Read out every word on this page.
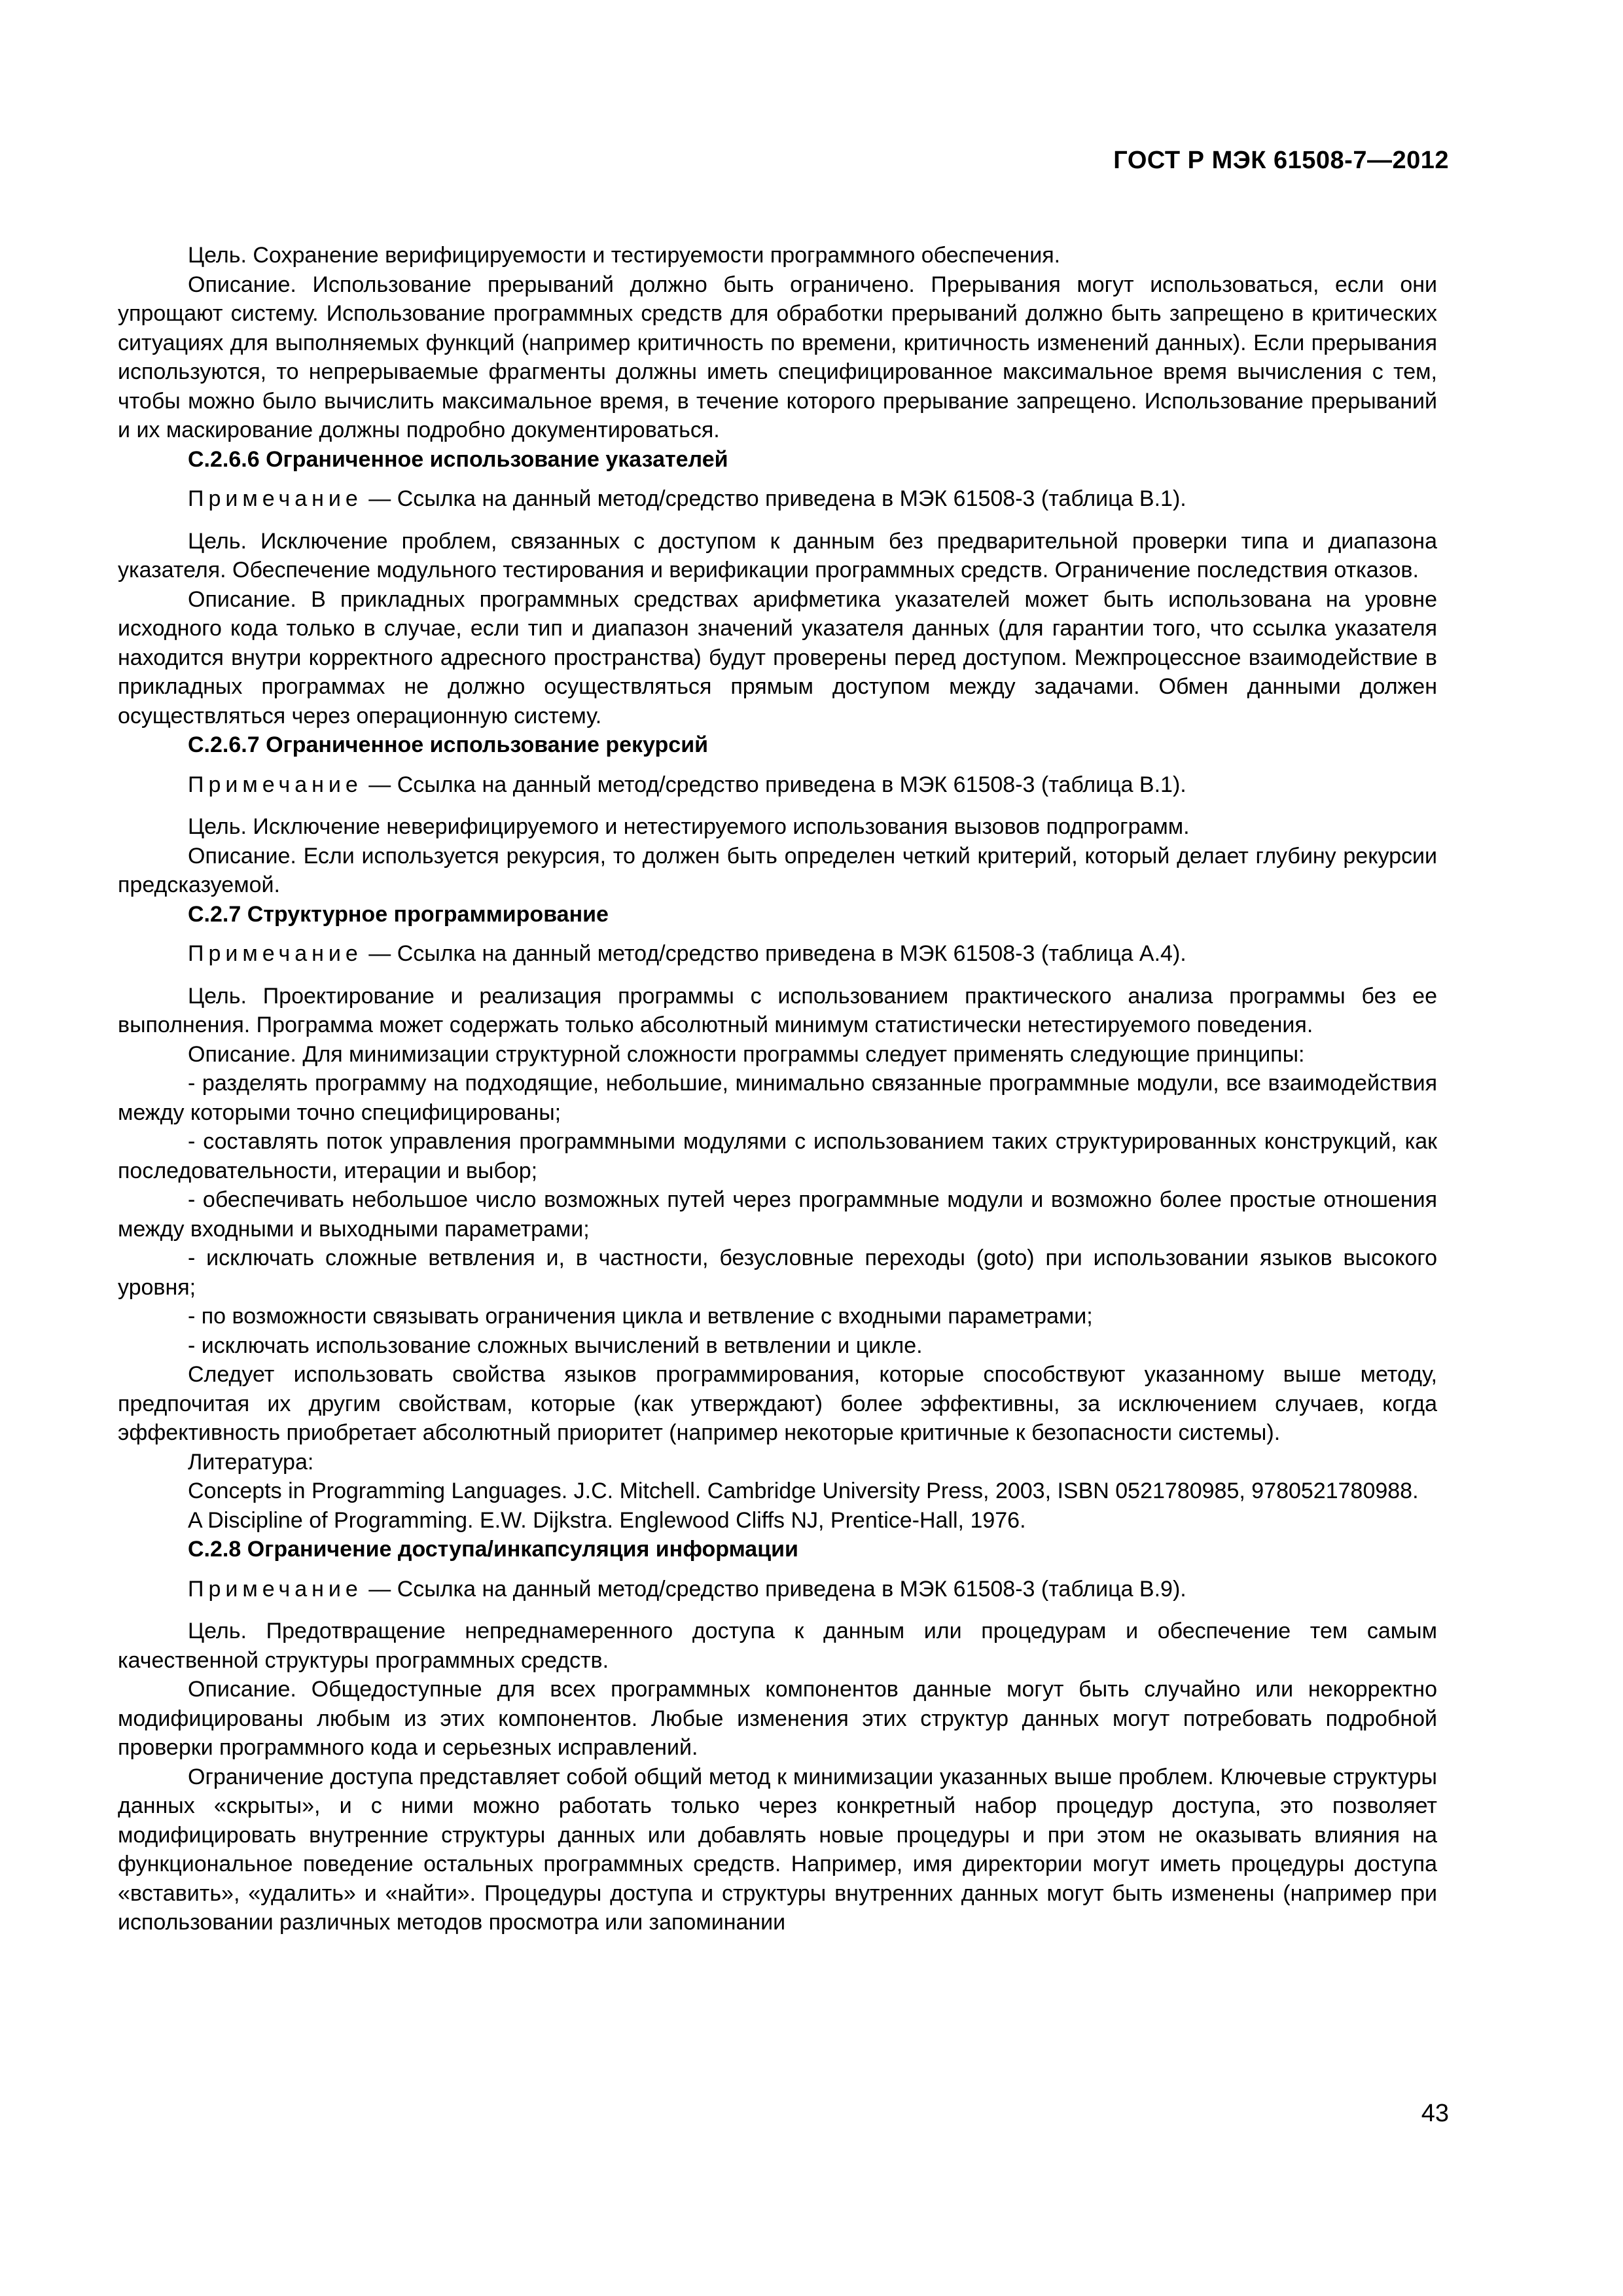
ГОСТ Р МЭК 61508-7—2012

Цель. Сохранение верифицируемости и тестируемости программного обеспечения.

Описание. Использование прерываний должно быть ограничено. Прерывания могут использоваться, если они упрощают систему. Использование программных средств для обработки прерываний должно быть запрещено в критических ситуациях для выполняемых функций (например критичность по времени, критичность изменений данных). Если прерывания используются, то непрерываемые фрагменты должны иметь специфицированное максимальное время вычисления с тем, чтобы можно было вычислить максимальное время, в течение которого прерывание запрещено. Использование прерываний и их маскирование должны подробно документироваться.

С.2.6.6 Ограниченное использование указателей

Примечание — Ссылка на данный метод/средство приведена в МЭК 61508-3 (таблица В.1).

Цель. Исключение проблем, связанных с доступом к данным без предварительной проверки типа и диапазона указателя. Обеспечение модульного тестирования и верификации программных средств. Ограничение последствия отказов.

Описание. В прикладных программных средствах арифметика указателей может быть использована на уровне исходного кода только в случае, если тип и диапазон значений указателя данных (для гарантии того, что ссылка указателя находится внутри корректного адресного пространства) будут проверены перед доступом. Межпроцессное взаимодействие в прикладных программах не должно осуществляться прямым доступом между задачами. Обмен данными должен осуществляться через операционную систему.

С.2.6.7 Ограниченное использование рекурсий

Примечание — Ссылка на данный метод/средство приведена в МЭК 61508-3 (таблица В.1).

Цель. Исключение неверифицируемого и нетестируемого использования вызовов подпрограмм.

Описание. Если используется рекурсия, то должен быть определен четкий критерий, который делает глубину рекурсии предсказуемой.

С.2.7 Структурное программирование

Примечание — Ссылка на данный метод/средство приведена в МЭК 61508-3 (таблица А.4).

Цель. Проектирование и реализация программы с использованием практического анализа программы без ее выполнения. Программа может содержать только абсолютный минимум статистически нетестируемого поведения.

Описание. Для минимизации структурной сложности программы следует применять следующие принципы:

- разделять программу на подходящие, небольшие, минимально связанные программные модули, все взаимодействия между которыми точно специфицированы;

- составлять поток управления программными модулями с использованием таких структурированных конструкций, как последовательности, итерации и выбор;

- обеспечивать небольшое число возможных путей через программные модули и возможно более простые отношения между входными и выходными параметрами;

- исключать сложные ветвления и, в частности, безусловные переходы (goto) при использовании языков высокого уровня;

- по возможности связывать ограничения цикла и ветвление с входными параметрами;

- исключать использование сложных вычислений в ветвлении и цикле.

Следует использовать свойства языков программирования, которые способствуют указанному выше методу, предпочитая их другим свойствам, которые (как утверждают) более эффективны, за исключением случаев, когда эффективность приобретает абсолютный приоритет (например некоторые критичные к безопасности системы).

Литература:

Concepts in Programming Languages. J.C. Mitchell. Cambridge University Press, 2003, ISBN 0521780985, 9780521780988.

A Discipline of Programming. E.W. Dijkstra. Englewood Cliffs NJ, Prentice-Hall, 1976.

С.2.8 Ограничение доступа/инкапсуляция информации

Примечание — Ссылка на данный метод/средство приведена в МЭК 61508-3 (таблица В.9).

Цель. Предотвращение непреднамеренного доступа к данным или процедурам и обеспечение тем самым качественной структуры программных средств.

Описание. Общедоступные для всех программных компонентов данные могут быть случайно или некорректно модифицированы любым из этих компонентов. Любые изменения этих структур данных могут потребовать подробной проверки программного кода и серьезных исправлений.

Ограничение доступа представляет собой общий метод к минимизации указанных выше проблем. Ключевые структуры данных «скрыты», и с ними можно работать только через конкретный набор процедур доступа, это позволяет модифицировать внутренние структуры данных или добавлять новые процедуры и при этом не оказывать влияния на функциональное поведение остальных программных средств. Например, имя директории могут иметь процедуры доступа «вставить», «удалить» и «найти». Процедуры доступа и структуры внутренних данных могут быть изменены (например при использовании различных методов просмотра или запоминании

43
